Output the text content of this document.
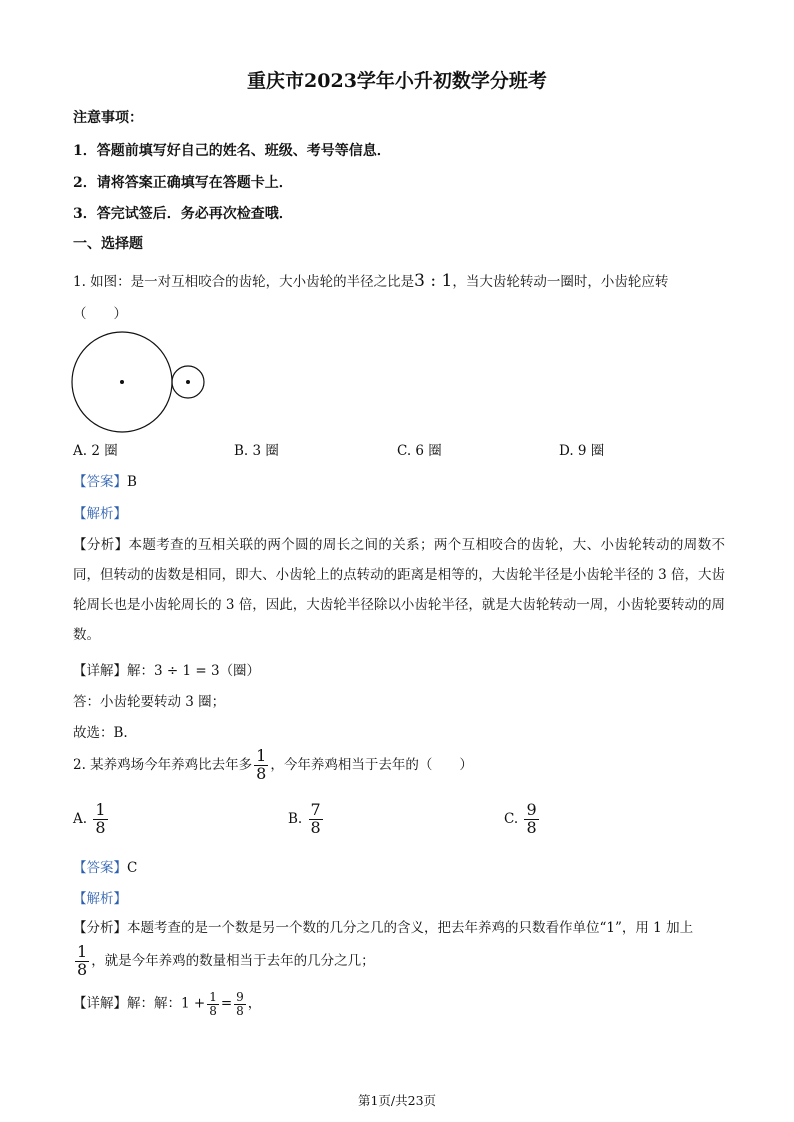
重庆市2023学年小升初数学分班考
注意事项：
1．答题前填写好自己的姓名、班级、考号等信息．
2．请将答案正确填写在答题卡上．
3．答完试签后．务必再次检查哦．
一、选择题
1. 如图：是一对互相咬合的齿轮，大小齿轮的半径之比是3 : 1，当大齿轮转动一圈时，小齿轮应转
（　　）
A. 2 圈	B. 3 圈	C. 6 圈	D. 9 圈
【答案】B
【解析】
【分析】本题考查的互相关联的两个圆的周长之间的关系；两个互相咬合的齿轮，大、小齿轮转动的周数不同，但转动的齿数是相同，即大、小齿轮上的点转动的距离是相等的，大齿轮半径是小齿轮半径的 3 倍，大齿轮周长也是小齿轮周长的 3 倍，因此，大齿轮半径除以小齿轮半径，就是大齿轮转动一周，小齿轮要转动的周数。
【详解】解：3 ÷ 1 = 3（圈）
答：小齿轮要转动 3 圈；
故选：B.
2. 某养鸡场今年养鸡比去年多 $\frac{1}{8}$ ，今年养鸡相当于去年的（　　）
A. $\frac{1}{8}$	B. $\frac{7}{8}$	C. $\frac{9}{8}$
【答案】C
【解析】
【分析】本题考查的是一个数是另一个数的几分之几的含义，把去年养鸡的只数看作单位“1”，用 1 加上
$\frac{1}{8}$ ，就是今年养鸡的数量相当于去年的几分之几；
【详解】解：解：$1 + \frac{1}{8} = \frac{9}{8}$ ，
第1页/共23页
